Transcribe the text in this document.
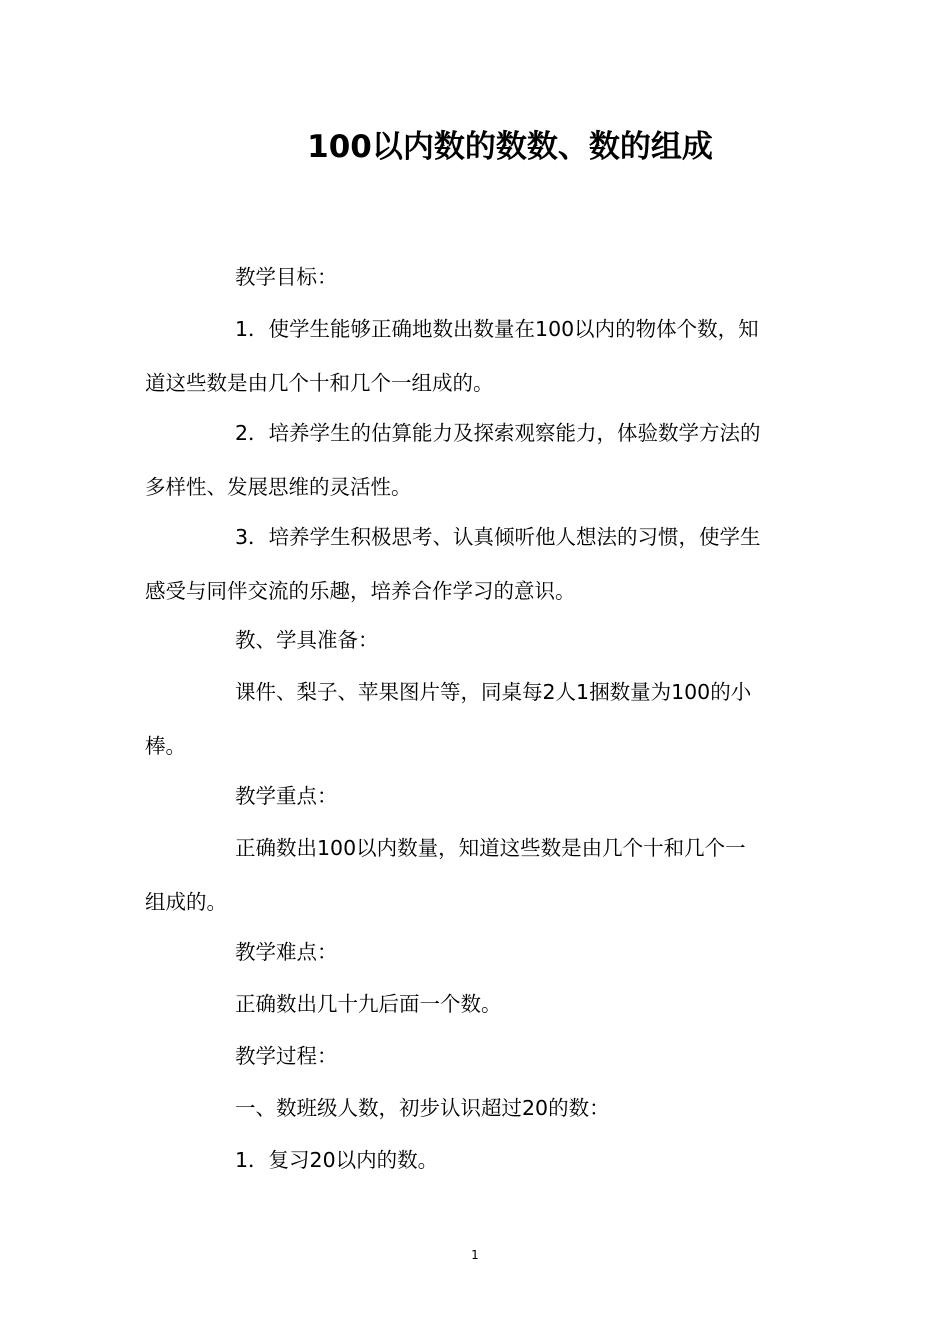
100以内数的数数、数的组成

教学目标：

1．使学生能够正确地数出数量在100以内的物体个数，知
道这些数是由几个十和几个一组成的。

2．培养学生的估算能力及探索观察能力，体验数学方法的
多样性、发展思维的灵活性。

3．培养学生积极思考、认真倾听他人想法的习惯，使学生
感受与同伴交流的乐趣，培养合作学习的意识。

教、学具准备：

课件、梨子、苹果图片等，同桌每2人1捆数量为100的小
棒。

教学重点：

正确数出100以内数量，知道这些数是由几个十和几个一
组成的。

教学难点：

正确数出几十九后面一个数。

教学过程：

一、数班级人数，初步认识超过20的数：

1．复习20以内的数。

1
